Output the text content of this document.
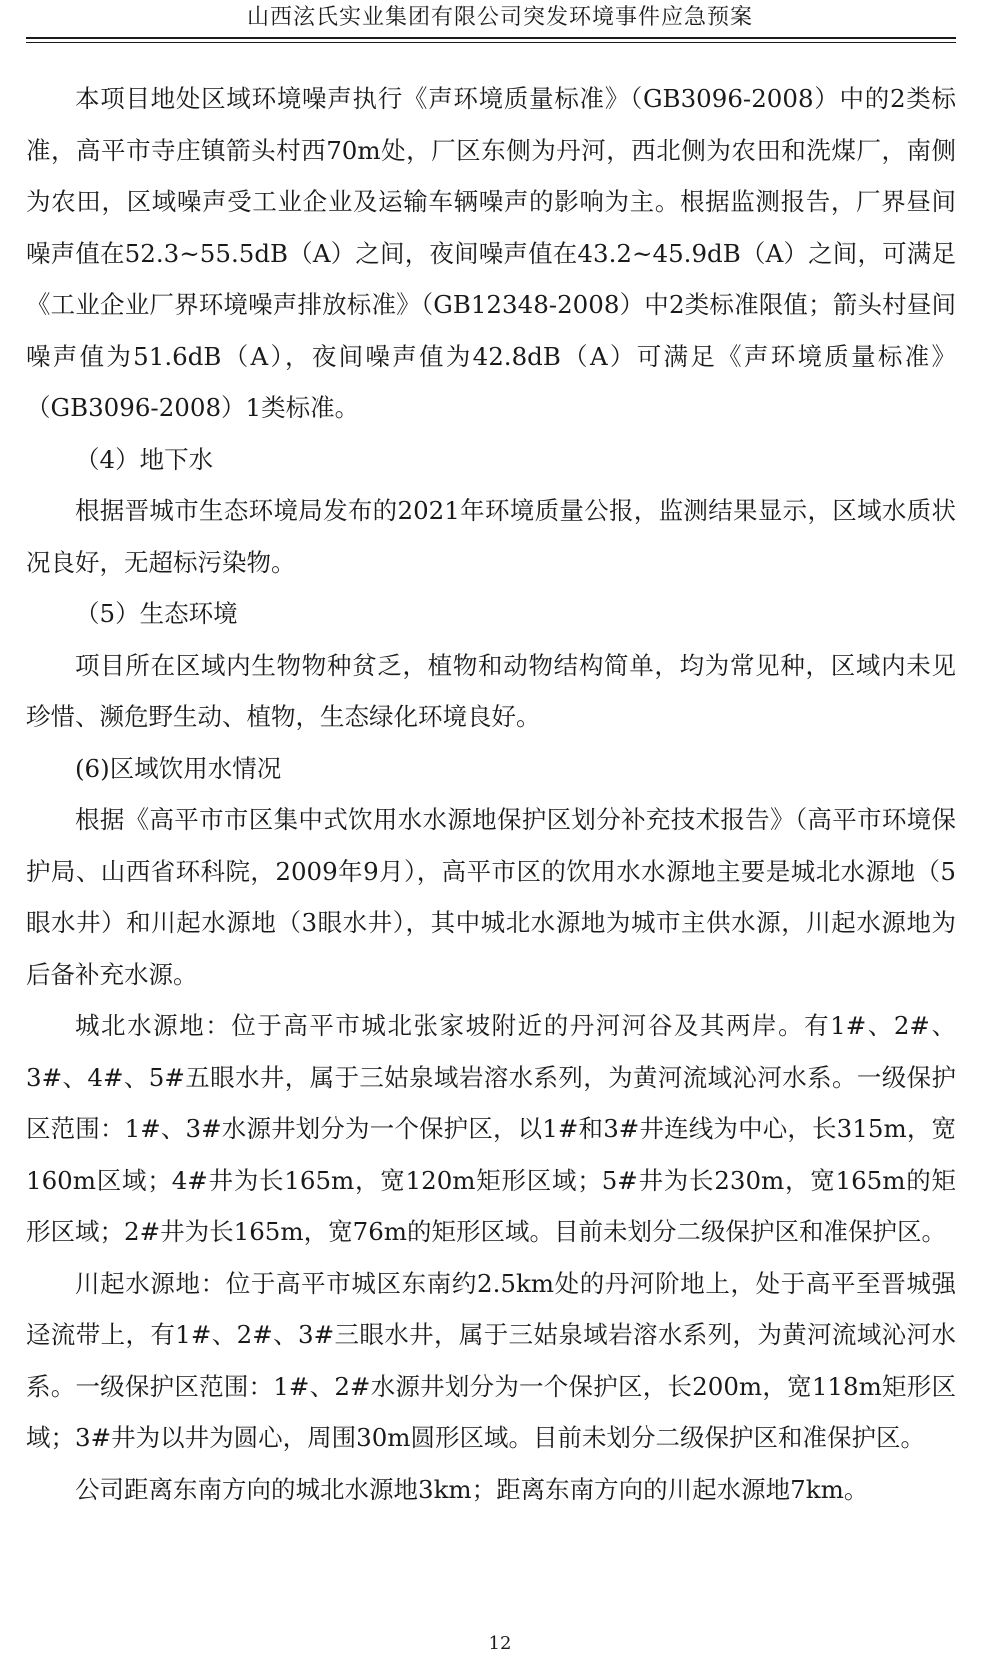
山西泫氏实业集团有限公司突发环境事件应急预案

本项目地处区域环境噪声执行《声环境质量标准》（GB3096-2008）中的2类标准，高平市寺庄镇箭头村西70m处，厂区东侧为丹河，西北侧为农田和洗煤厂，南侧为农田，区域噪声受工业企业及运输车辆噪声的影响为主。根据监测报告，厂界昼间噪声值在52.3~55.5dB（A）之间，夜间噪声值在43.2~45.9dB（A）之间，可满足《工业企业厂界环境噪声排放标准》（GB12348-2008）中2类标准限值；箭头村昼间噪声值为51.6dB（A），夜间噪声值为42.8dB（A）可满足《声环境质量标准》（GB3096-2008）1类标准。

（4）地下水

根据晋城市生态环境局发布的2021年环境质量公报，监测结果显示，区域水质状况良好，无超标污染物。

（5）生态环境

项目所在区域内生物物种贫乏，植物和动物结构简单，均为常见种，区域内未见珍惜、濒危野生动、植物，生态绿化环境良好。

(6)区域饮用水情况

根据《高平市市区集中式饮用水水源地保护区划分补充技术报告》（高平市环境保护局、山西省环科院，2009年9月），高平市区的饮用水水源地主要是城北水源地（5眼水井）和川起水源地（3眼水井），其中城北水源地为城市主供水源，川起水源地为后备补充水源。

城北水源地：位于高平市城北张家坡附近的丹河河谷及其两岸。有1#、2#、3#、4#、5#五眼水井，属于三姑泉域岩溶水系列，为黄河流域沁河水系。一级保护区范围：1#、3#水源井划分为一个保护区，以1#和3#井连线为中心，长315m，宽160m区域；4#井为长165m，宽120m矩形区域；5#井为长230m，宽165m的矩形区域；2#井为长165m，宽76m的矩形区域。目前未划分二级保护区和准保护区。

川起水源地：位于高平市城区东南约2.5km处的丹河阶地上，处于高平至晋城强迳流带上，有1#、2#、3#三眼水井，属于三姑泉域岩溶水系列，为黄河流域沁河水系。一级保护区范围：1#、2#水源井划分为一个保护区，长200m，宽118m矩形区域；3#井为以井为圆心，周围30m圆形区域。目前未划分二级保护区和准保护区。

公司距离东南方向的城北水源地3km；距离东南方向的川起水源地7km。

12
